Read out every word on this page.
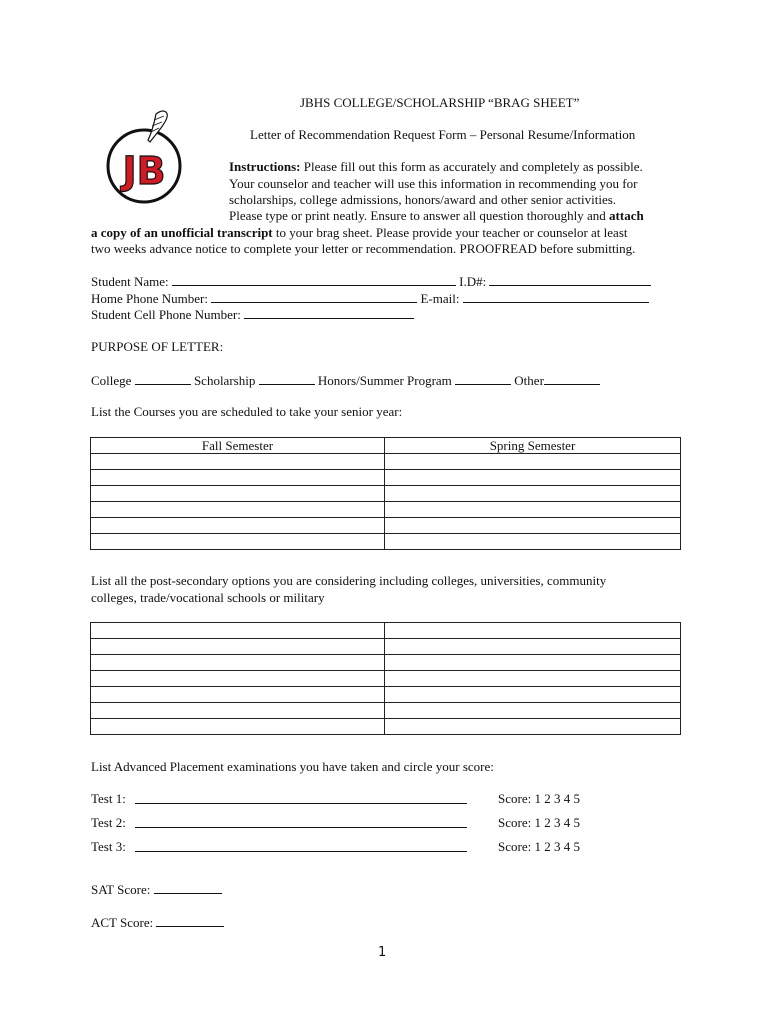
JB
JBHS COLLEGE/SCHOLARSHIP “BRAG SHEET”
Letter of Recommendation Request Form – Personal Resume/Information
Instructions: Please fill out this form as accurately and completely as possible.
Your counselor and teacher will use this information in recommending you for
scholarships, college admissions, honors/award and other senior activities.
Please type or print neatly. Ensure to answer all question thoroughly and attach
a copy of an unofficial transcript to your brag sheet. Please provide your teacher or counselor at least
two weeks advance notice to complete your letter or recommendation. PROOFREAD before submitting.
Student Name:	I.D#:
Home Phone Number:	E-mail:
Student Cell Phone Number:
PURPOSE OF LETTER:
College	Scholarship	Honors/Summer Program	Other
List the Courses you are scheduled to take your senior year:
Fall Semester	Spring Semester

List all the post-secondary options you are considering including colleges, universities, community
colleges, trade/vocational schools or military

List Advanced Placement examinations you have taken and circle your score:
Test 1:	Score: 1 2 3 4 5
Test 2:	Score: 1 2 3 4 5
Test 3:	Score: 1 2 3 4 5
SAT Score:
ACT Score:
1
